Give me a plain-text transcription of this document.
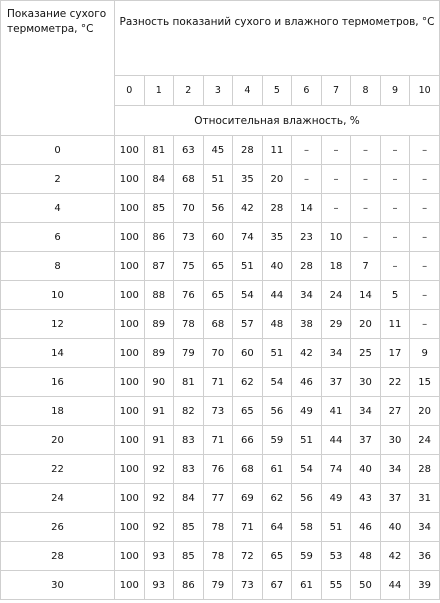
Показание сухого термометра, °С	Разность показаний сухого и влажного термометров, °С										
	0	1	2	3	4	5	6	7	8	9	10
	Относительная влажность, %										
0	100	81	63	45	28	11	–	–	–	–	–
2	100	84	68	51	35	20	–	–	–	–	–
4	100	85	70	56	42	28	14	–	–	–	–
6	100	86	73	60	74	35	23	10	–	–	–
8	100	87	75	65	51	40	28	18	7	–	–
10	100	88	76	65	54	44	34	24	14	5	–
12	100	89	78	68	57	48	38	29	20	11	–
14	100	89	79	70	60	51	42	34	25	17	9
16	100	90	81	71	62	54	46	37	30	22	15
18	100	91	82	73	65	56	49	41	34	27	20
20	100	91	83	71	66	59	51	44	37	30	24
22	100	92	83	76	68	61	54	74	40	34	28
24	100	92	84	77	69	62	56	49	43	37	31
26	100	92	85	78	71	64	58	51	46	40	34
28	100	93	85	78	72	65	59	53	48	42	36
30	100	93	86	79	73	67	61	55	50	44	39
